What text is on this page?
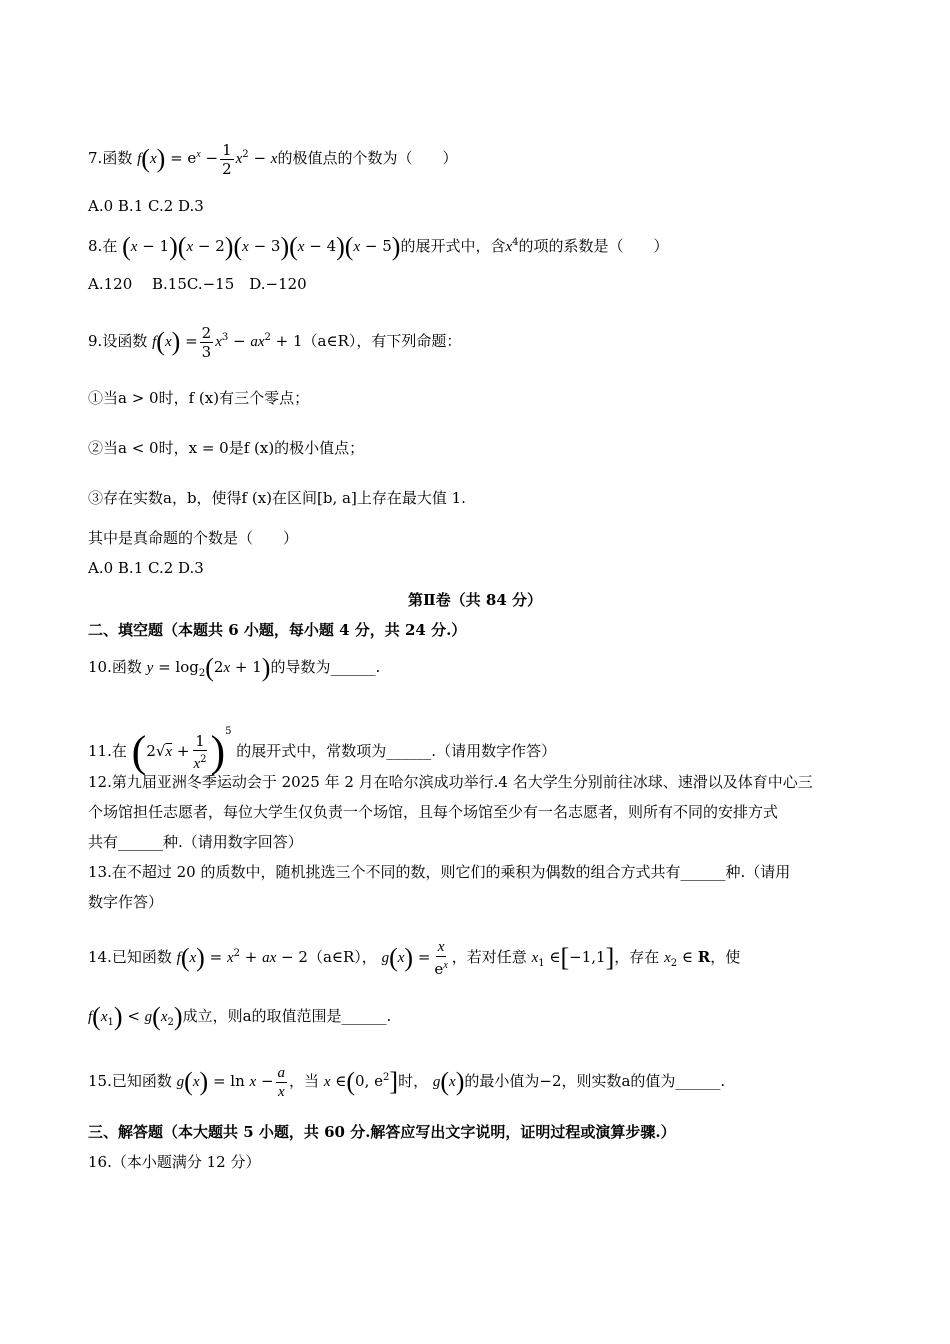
7.函数 $f(x) = e^x - \frac{1}{2} x^2 - x$的极值点的个数为（　　）
A.0 B.1 C.2 D.3
8.在 (x − 1)(x − 2)(x − 3)(x − 4)(x − 5)的展开式中，含$x^4$的项的系数是（　　）
A.120　 B.15C.−15　D.−120
9.设函数 $f(x) = \frac{2}{3} x^3 - ax^2$ + 1（a∈R），有下列命题：
①当a > 0时，f (x)有三个零点；
②当a < 0时，x = 0是f (x)的极小值点；
③存在实数a，b，使得f (x)在区间[b, a]上存在最大值 1.
其中是真命题的个数是（　　）
A.0 B.1 C.2 D.3
第Ⅱ卷（共 84 分）
二、填空题（本题共 6 小题，每小题 4 分，共 24 分.）
10.函数 $y = \log_2(2x + 1)$的导数为______.
11.在 $(2√x + \frac{1}{x^2} )^5$ 的展开式中，常数项为______.（请用数字作答）
12.第九届亚洲冬季运动会于 2025 年 2 月在哈尔滨成功举行.4 名大学生分别前往冰球、速滑以及体育中心三
个场馆担任志愿者，每位大学生仅负责一个场馆，且每个场馆至少有一名志愿者，则所有不同的安排方式
共有______种.（请用数字回答）
13.在不超过 20 的质数中，随机挑选三个不同的数，则它们的乘积为偶数的组合方式共有______种.（请用
数字作答）
14.已知函数 $f(x) = x^2$ + ax − 2（a∈R）， $g(x) = \frac{x}{e^x}$ ，若对任意 $x_1$ ∈[−1,1]，存在 $x_2$ ∈ R，使
$f(x_1) < g(x_2)$成立，则a的取值范围是______.
15.已知函数 $g(x) = \ln x - \frac{a}{x}$ ，当 x ∈(0, $e^2$]时， g(x)的最小值为−2，则实数a的值为______.
三、解答题（本大题共 5 小题，共 60 分.解答应写出文字说明，证明过程或演算步骤.）
16.（本小题满分 12 分）
